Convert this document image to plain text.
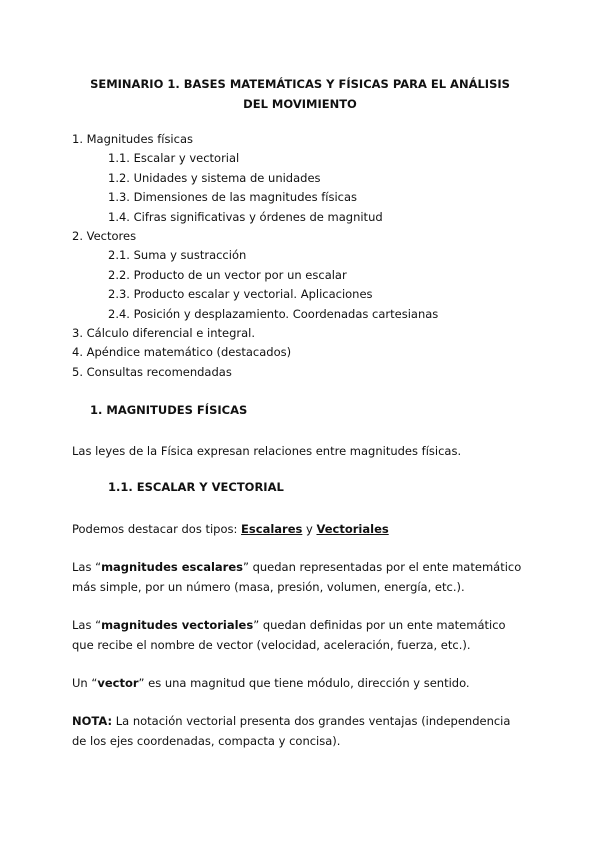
SEMINARIO 1. BASES MATEMÁTICAS Y FÍSICAS PARA EL ANÁLISIS
DEL MOVIMIENTO
1. Magnitudes físicas
1.1. Escalar y vectorial
1.2. Unidades y sistema de unidades
1.3. Dimensiones de las magnitudes físicas
1.4. Cifras significativas y órdenes de magnitud
2. Vectores
2.1. Suma y sustracción
2.2. Producto de un vector por un escalar
2.3. Producto escalar y vectorial. Aplicaciones
2.4. Posición y desplazamiento. Coordenadas cartesianas
3. Cálculo diferencial e integral.
4. Apéndice matemático (destacados)
5. Consultas recomendadas
1. MAGNITUDES FÍSICAS
Las leyes de la Física expresan relaciones entre magnitudes físicas.
1.1. ESCALAR Y VECTORIAL
Podemos destacar dos tipos: Escalares y Vectoriales
Las “magnitudes escalares” quedan representadas por el ente matemático más simple, por un número (masa, presión, volumen, energía, etc.).
Las “magnitudes vectoriales” quedan definidas por un ente matemático que recibe el nombre de vector (velocidad, aceleración, fuerza, etc.).
Un “vector” es una magnitud que tiene módulo, dirección y sentido.
NOTA: La notación vectorial presenta dos grandes ventajas (independencia de los ejes coordenadas, compacta y concisa).
